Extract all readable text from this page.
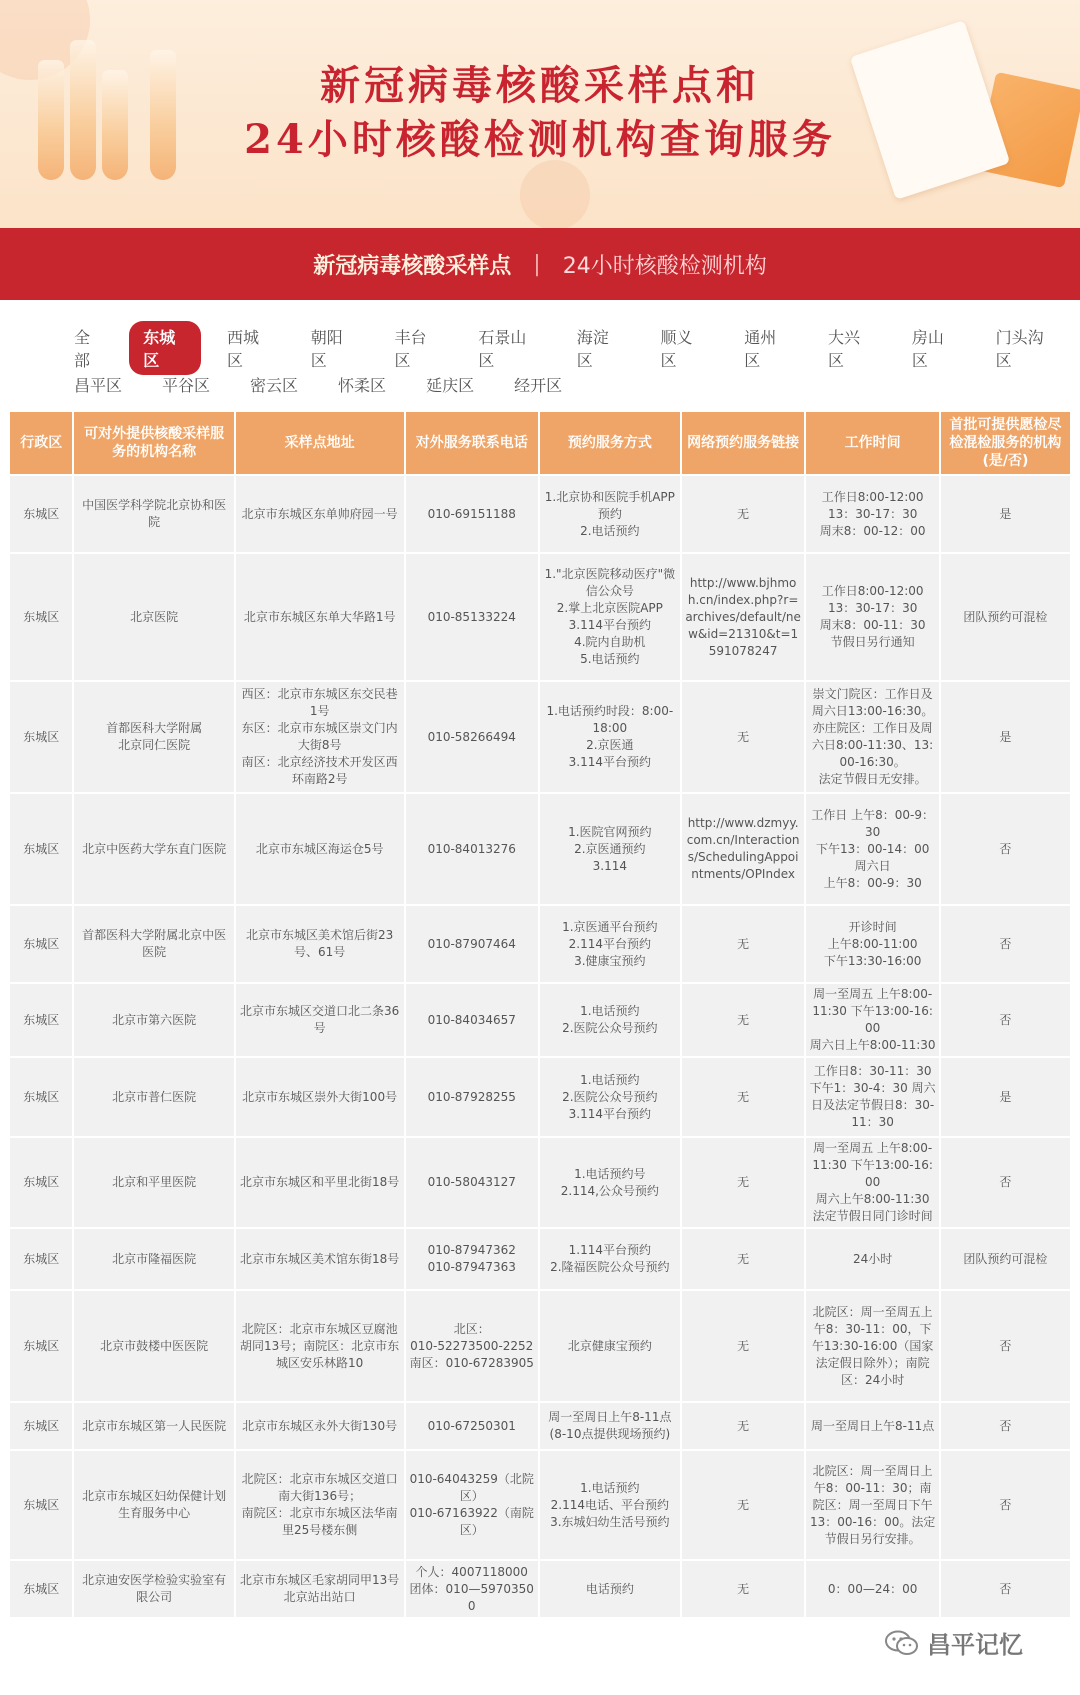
新冠病毒核酸采样点和
24小时核酸检测机构查询服务
新冠病毒核酸采样点 | 24小时核酸检测机构
全部
东城区
西城区
朝阳区
丰台区
石景山区
海淀区
顺义区
通州区
大兴区
房山区
门头沟区
昌平区	平谷区	密云区	怀柔区	延庆区	经开区
行政区	可对外提供核酸采样服务的机构名称	采样点地址	对外服务联系电话	预约服务方式	网络预约服务链接	工作时间	首批可提供愿检尽检混检服务的机构(是/否)
东城区	中国医学科学院北京协和医院	北京市东城区东单帅府园一号	010-69151188	1.北京协和医院手机APP预约
2.电话预约	无	工作日8:00-12:00
13：30-17：30
周末8：00-12：00	是
东城区	北京医院	北京市东城区东单大华路1号	010-85133224	1."北京医院移动医疗"微信公众号
2.掌上北京医院APP
3.114平台预约
4.院内自助机
5.电话预约	http://www.bjhmoh.cn/index.php?r=archives/default/new&id=21310&t=1591078247	工作日8:00-12:00
13：30-17：30
周末8：00-11：30
节假日另行通知	团队预约可混检
东城区	首都医科大学附属
北京同仁医院	西区：北京市东城区东交民巷1号
东区：北京市东城区崇文门内大街8号
南区：北京经济技术开发区西环南路2号	010-58266494	1.电话预约时段：8:00-18:00
2.京医通
3.114平台预约	无	崇文门院区：工作日及周六日13:00-16:30。
亦庄院区：工作日及周六日8:00-11:30、13:00-16:30。
法定节假日无安排。	是
东城区	北京中医药大学东直门医院	北京市东城区海运仓5号	010-84013276	1.医院官网预约
2.京医通预约
3.114	http://www.dzmyy.com.cn/Interactions/SchedulingAppointments/OPIndex	工作日 上午8：00-9：30
下午13：00-14：00
周六日
上午8：00-9：30	否
东城区	首都医科大学附属北京中医医院	北京市东城区美术馆后街23号、61号	010-87907464	1.京医通平台预约
2.114平台预约
3.健康宝预约	无	开诊时间
上午8:00-11:00
下午13:30-16:00	否
东城区	北京市第六医院	北京市东城区交道口北二条36号	010-84034657	1.电话预约
2.医院公众号预约	无	周一至周五 上午8:00-11:30 下午13:00-16:00
周六日上午8:00-11:30	否
东城区	北京市普仁医院	北京市东城区崇外大街100号	010-87928255	1.电话预约
2.医院公众号预约
3.114平台预约	无	工作日8：30-11：30 下午1：30-4：30 周六日及法定节假日8：30-11：30	是
东城区	北京和平里医院	北京市东城区和平里北街18号	010-58043127	1.电话预约号
2.114,公众号预约	无	周一至周五 上午8:00-11:30 下午13:00-16:00
周六上午8:00-11:30 法定节假日同门诊时间	否
东城区	北京市隆福医院	北京市东城区美术馆东街18号	010-87947362
010-87947363	1.114平台预约
2.隆福医院公众号预约	无	24小时	团队预约可混检
东城区	北京市鼓楼中医医院	北院区：北京市东城区豆腐池胡同13号；南院区：北京市东城区安乐林路10	北区：
010-52273500-2252
南区：010-67283905	北京健康宝预约	无	北院区：周一至周五上午8：30-11：00，下午13:30-16:00（国家法定假日除外）；南院区：24小时	否
东城区	北京市东城区第一人民医院	北京市东城区永外大街130号	010-67250301	周一至周日上午8-11点(8-10点提供现场预约)	无	周一至周日上午8-11点	否
东城区	北京市东城区妇幼保健计划生育服务中心	北院区：北京市东城区交道口南大街136号；
南院区：北京市东城区法华南里25号楼东侧	010-64043259（北院区）
010-67163922（南院区）	1.电话预约
2.114电话、平台预约
3.东城妇幼生活号预约	无	北院区：周一至周日上午8：00-11：30；南院区：周一至周日下午13：00-16：00。法定节假日另行安排。	否
东城区	北京迪安医学检验实验室有限公司	北京市东城区毛家胡同甲13号北京站出站口	个人：4007118000
团体：010—59703500	电话预约	无	0：00—24：00	否
昌平记忆
